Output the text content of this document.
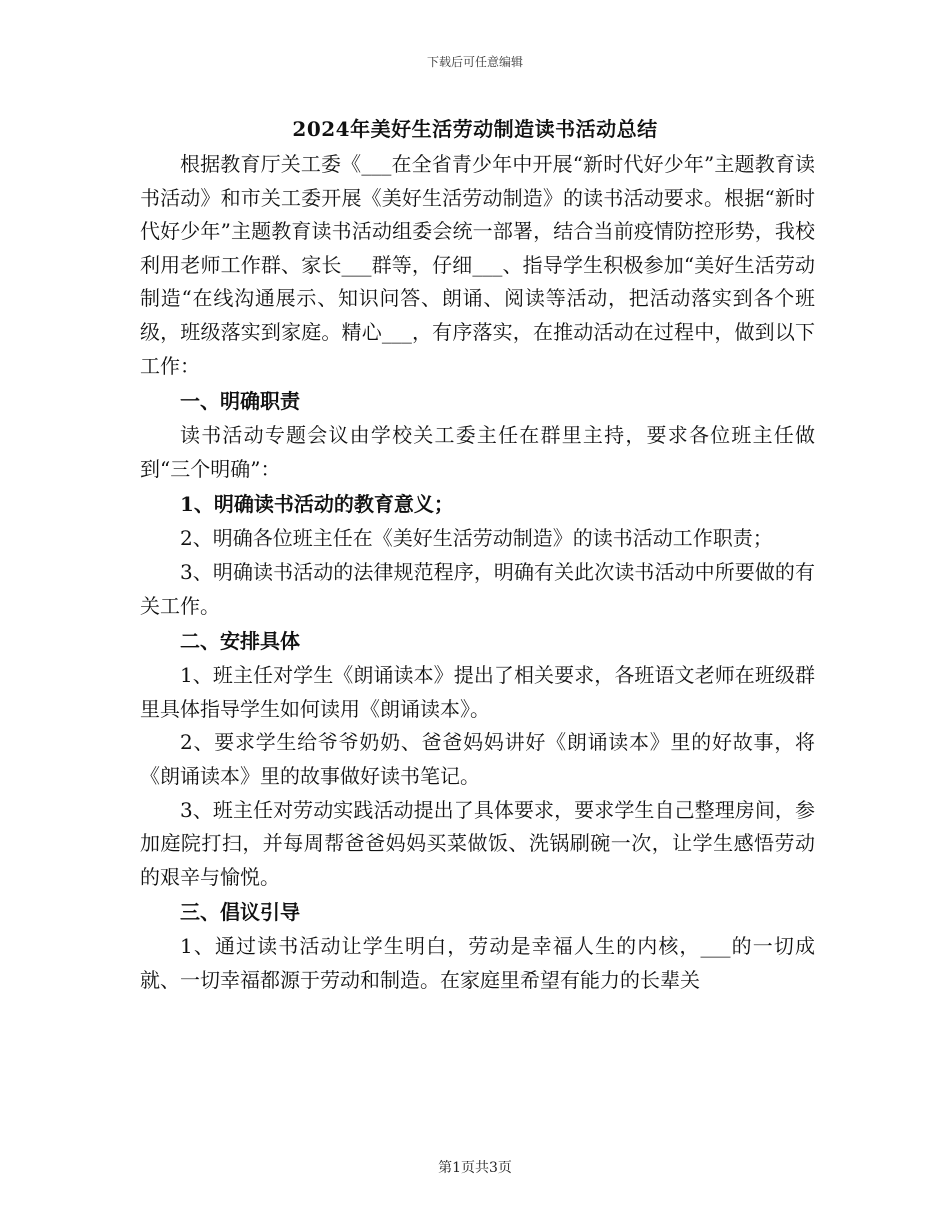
下载后可任意编辑
2024年美好生活劳动制造读书活动总结

根据教育厅关工委《___在全省青少年中开展“新时代好少年”主题教育读书活动》和市关工委开展《美好生活劳动制造》的读书活动要求。根据“新时代好少年”主题教育读书活动组委会统一部署，结合当前疫情防控形势，我校利用老师工作群、家长___群等，仔细___、指导学生积极参加“美好生活劳动制造“在线沟通展示、知识问答、朗诵、阅读等活动，把活动落实到各个班级，班级落实到家庭。精心___，有序落实，在推动活动在过程中，做到以下工作：

一、明确职责

读书活动专题会议由学校关工委主任在群里主持，要求各位班主任做到“三个明确”：

1、明确读书活动的教育意义；

2、明确各位班主任在《美好生活劳动制造》的读书活动工作职责；

3、明确读书活动的法律规范程序，明确有关此次读书活动中所要做的有关工作。

二、安排具体

1、班主任对学生《朗诵读本》提出了相关要求，各班语文老师在班级群里具体指导学生如何读用《朗诵读本》。

2、要求学生给爷爷奶奶、爸爸妈妈讲好《朗诵读本》里的好故事，将《朗诵读本》里的故事做好读书笔记。

3、班主任对劳动实践活动提出了具体要求，要求学生自己整理房间，参加庭院打扫，并每周帮爸爸妈妈买菜做饭、洗锅刷碗一次，让学生感悟劳动的艰辛与愉悦。

三、倡议引导

1、通过读书活动让学生明白，劳动是幸福人生的内核，___的一切成就、一切幸福都源于劳动和制造。在家庭里希望有能力的长辈关

第1页共3页
